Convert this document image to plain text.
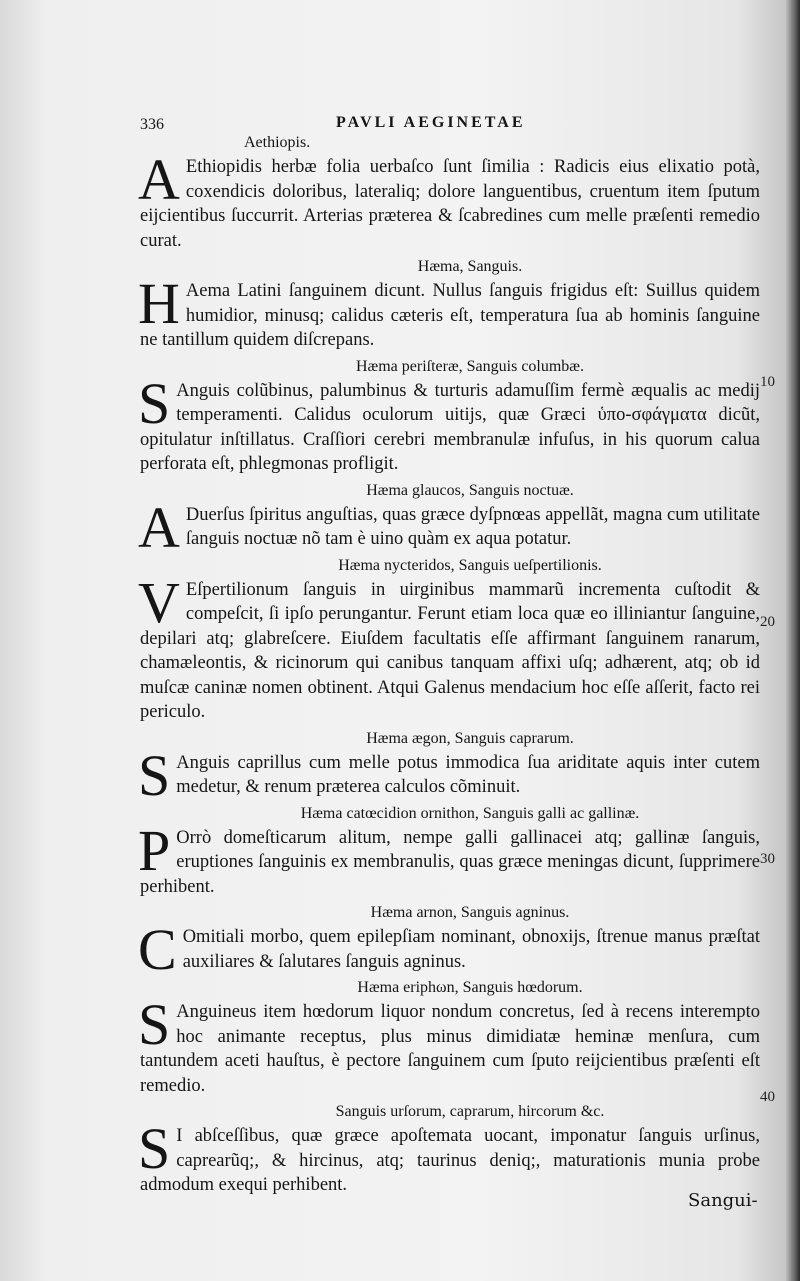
336	PAVLI AEGINETAE

Aethiopis.

A Ethiopidis herbæ folia uerbaſco ſunt ſimilia : Radicis eius elixatio potà, coxendicis doloribus, lateraliq; dolore languentibus, cruentum item ſputum eijcientibus ſuccurrit. Arterias præterea & ſcabredines cum melle præſenti remedio curat.

Hæma, Sanguis.

H Aema Latini ſanguinem dicunt. Nullus ſanguis frigidus eſt: Suillus quidem humidior, minusq; calidus cæteris eſt, temperatura ſua ab hominis ſanguine ne tantillum quidem diſcrepans.

Hæma periſteræ, Sanguis columbæ.

S Anguis colũbinus, palumbinus & turturis adamuſſim fermè æqualis ac medij temperamenti. Calidus oculorum uitijs, quæ Græci ὑπο-σφάγματα dicũt, opitulatur inſtillatus. Craſſiori cerebri membranulæ infuſus, in his quorum calua perforata eſt, phlegmonas profligit.

Hæma glaucos, Sanguis noctuæ.

A Duerſus ſpiritus anguſtias, quas græce dyſpnœas appellãt, magna cum utilitate ſanguis noctuæ nõ tam è uino quàm ex aqua potatur.

Hæma nycteridos, Sanguis ueſpertilionis.

V Eſpertilionum ſanguis in uirginibus mammarũ incrementa cuſtodit & compeſcit, ſi ipſo perungantur. Ferunt etiam loca quæ eo illiniantur ſanguine, depilari atq; glabreſcere. Eiuſdem facultatis eſſe affirmant ſanguinem ranarum, chamæleontis, & ricinorum qui canibus tanquam affixi uſq; adhærent, atq; ob id muſcæ caninæ nomen obtinent. Atqui Galenus mendacium hoc eſſe aſſerit, facto rei periculo.

Hæma ægon, Sanguis caprarum.

S Anguis caprillus cum melle potus immodica ſua ariditate aquis inter cutem medetur, & renum præterea calculos cõminuit.

Hæma catœcidion ornithon, Sanguis galli ac gallinæ.

P Orrò domeſticarum alitum, nempe galli gallinacei atq; gallinæ ſanguis, eruptiones ſanguinis ex membranulis, quas græce meningas dicunt, ſupprimere perhibent.

Hæma arnon, Sanguis agninus.

C Omitiali morbo, quem epilepſiam nominant, obnoxijs, ſtrenue manus præſtat auxiliares & ſalutares ſanguis agninus.

Hæma eriphωn, Sanguis hœdorum.

S Anguineus item hœdorum liquor nondum concretus, ſed à recens interempto hoc animante receptus, plus minus dimidiatæ heminæ menſura, cum tantundem aceti hauſtus, è pectore ſanguinem cum ſputo reijcientibus præſenti eſt remedio.

Sanguis urſorum, caprarum, hircorum &c.

S I abſceſſibus, quæ græce apoſtemata uocant, imponatur ſanguis urſinus, caprearũq;, & hircinus, atq; taurinus deniq;, maturationis munia probe admodum exequi perhibent.
10
20
30
40
Sangui-
